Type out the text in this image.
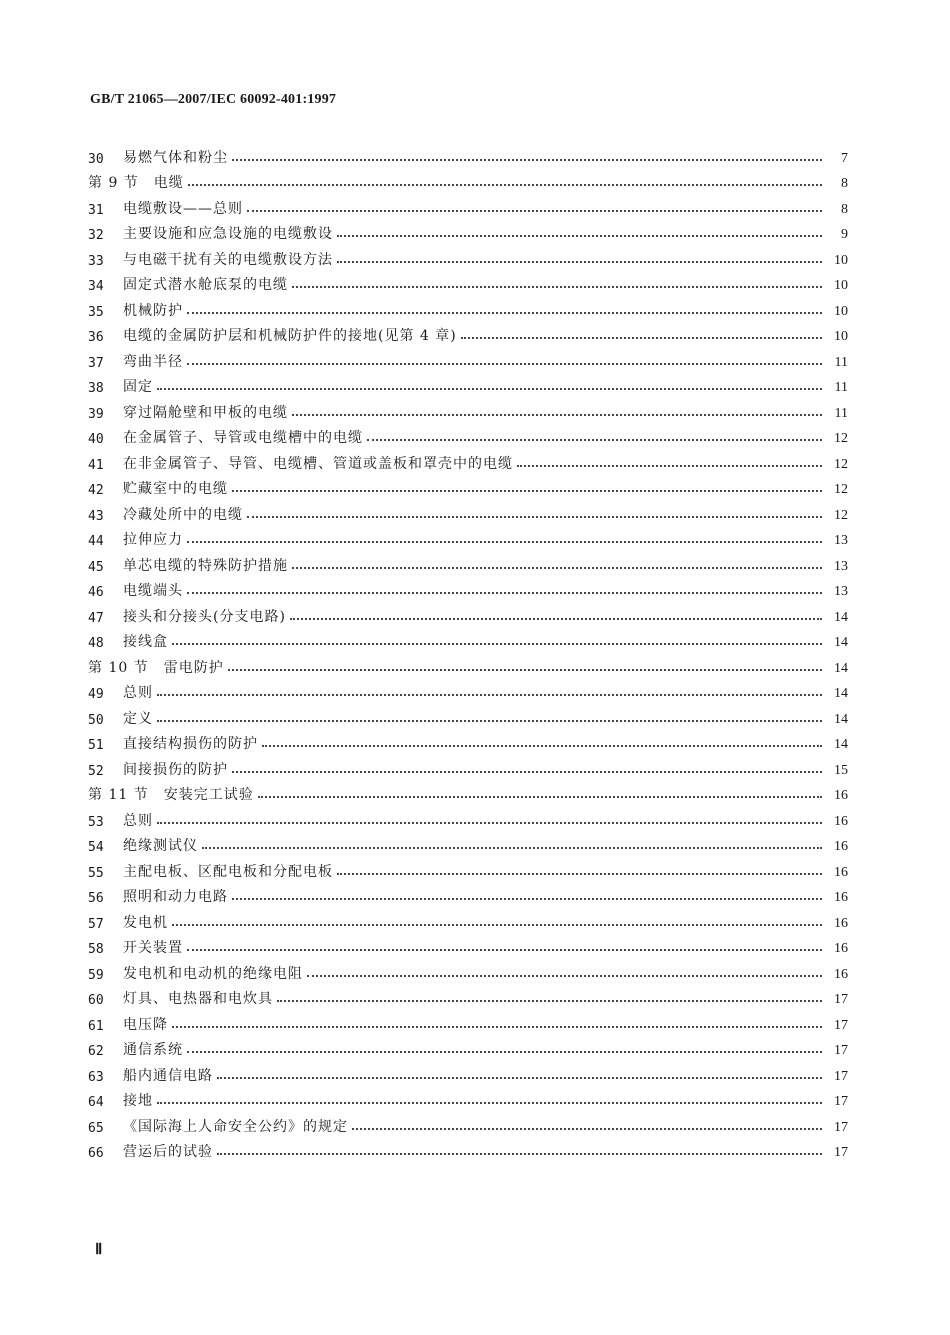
GB/T 21065—2007/IEC 60092-401:1997
30	易燃气体和粉尘	7
第 9 节　电缆	8
31	电缆敷设——总则	8
32	主要设施和应急设施的电缆敷设	9
33	与电磁干扰有关的电缆敷设方法	10
34	固定式潜水舱底泵的电缆	10
35	机械防护	10
36	电缆的金属防护层和机械防护件的接地(见第 4 章)	10
37	弯曲半径	11
38	固定	11
39	穿过隔舱壁和甲板的电缆	11
40	在金属管子、导管或电缆槽中的电缆	12
41	在非金属管子、导管、电缆槽、管道或盖板和罩壳中的电缆	12
42	贮藏室中的电缆	12
43	冷藏处所中的电缆	12
44	拉伸应力	13
45	单芯电缆的特殊防护措施	13
46	电缆端头	13
47	接头和分接头(分支电路)	14
48	接线盒	14
第 10 节　雷电防护	14
49	总则	14
50	定义	14
51	直接结构损伤的防护	14
52	间接损伤的防护	15
第 11 节　安装完工试验	16
53	总则	16
54	绝缘测试仪	16
55	主配电板、区配电板和分配电板	16
56	照明和动力电路	16
57	发电机	16
58	开关装置	16
59	发电机和电动机的绝缘电阻	16
60	灯具、电热器和电炊具	17
61	电压降	17
62	通信系统	17
63	船内通信电路	17
64	接地	17
65	《国际海上人命安全公约》的规定	17
66	营运后的试验	17
Ⅱ
